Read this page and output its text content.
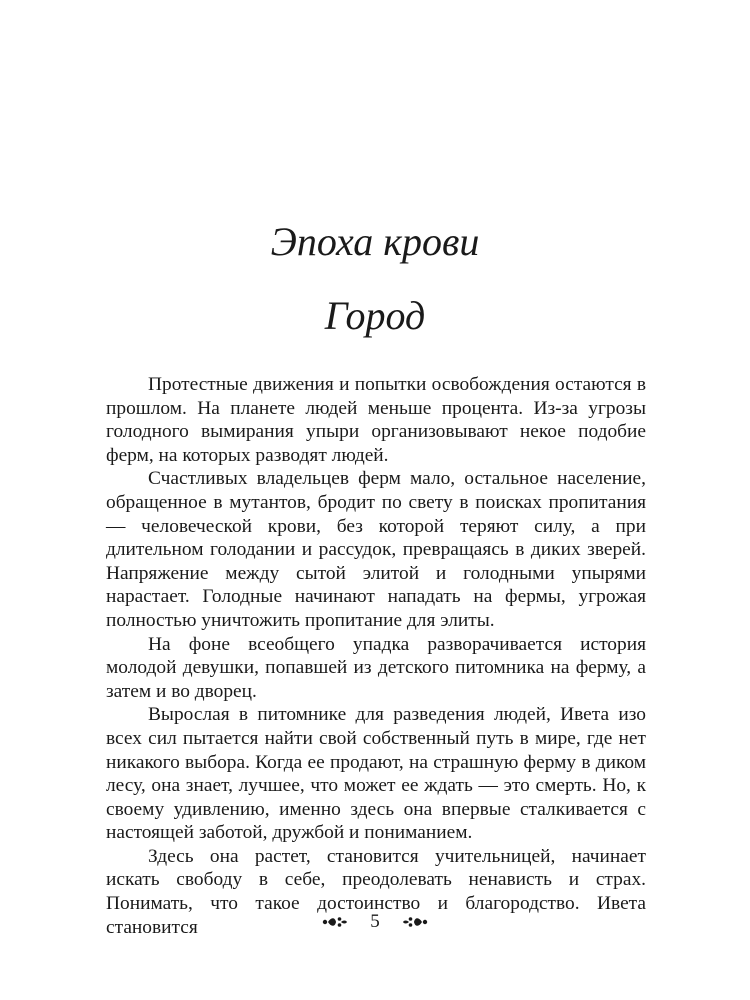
Эпоха крови
Город

Протестные движения и попытки освобождения остаются в прошлом. На планете людей меньше процента. Из-за угрозы голодного вымирания упыри организовывают некое подобие ферм, на которых разводят людей.

Счастливых владельцев ферм мало, остальное население, обращенное в мутантов, бродит по свету в поисках пропитания — человеческой крови, без которой теряют силу, а при длительном голодании и рассудок, превращаясь в диких зверей. Напряжение между сытой элитой и голодными упырями нарастает. Голодные начинают нападать на фермы, угрожая полностью уничтожить пропитание для элиты.

На фоне всеобщего упадка разворачивается история молодой девушки, попавшей из детского питомника на ферму, а затем и во дворец.

Вырослая в питомнике для разведения людей, Ивета изо всех сил пытается найти свой собственный путь в мире, где нет никакого выбора. Когда ее продают, на страшную ферму в диком лесу, она знает, лучшее, что может ее ждать — это смерть. Но, к своему удивлению, именно здесь она впервые сталкивается с настоящей заботой, дружбой и пониманием.

Здесь она растет, становится учительницей, начинает искать свободу в себе, преодолевать ненависть и страх. Понимать, что такое достоинство и благородство. Ивета становится	5
